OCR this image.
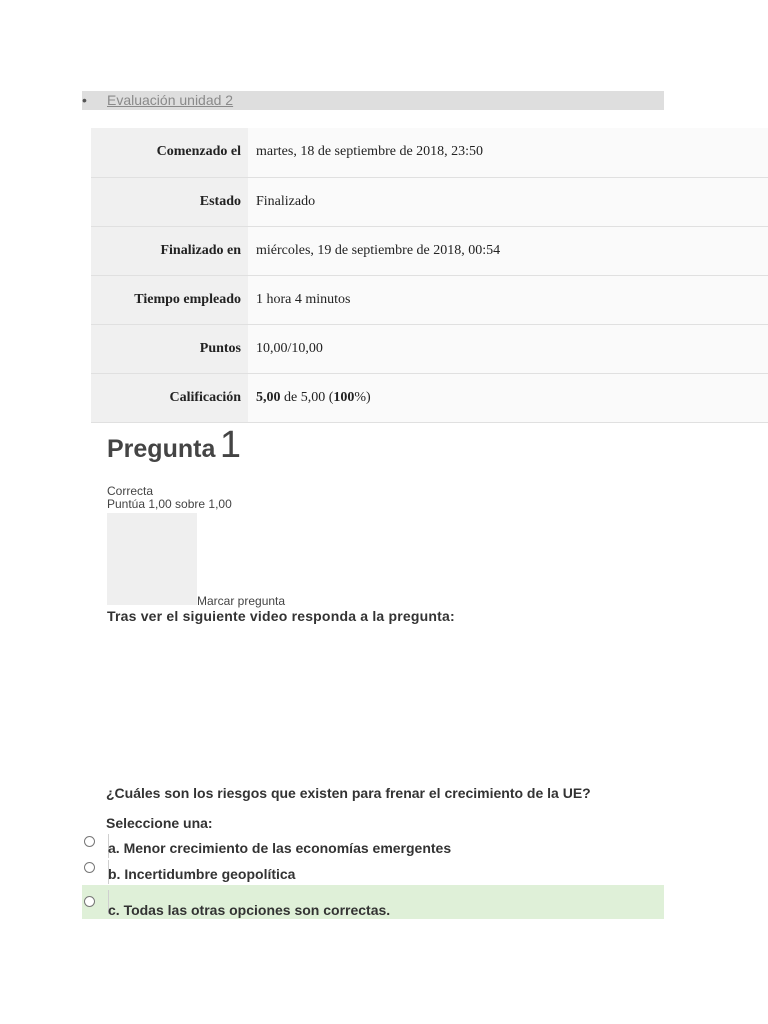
• Evaluación unidad 2
Comenzado el	martes, 18 de septiembre de 2018, 23:50
Estado	Finalizado
Finalizado en	miércoles, 19 de septiembre de 2018, 00:54
Tiempo empleado	1 hora 4 minutos
Puntos	10,00/10,00
Calificación	5,00 de 5,00 (100%)
Pregunta 1
Correcta
Puntúa 1,00 sobre 1,00
Marcar pregunta
Tras ver el siguiente video responda a la pregunta:
¿Cuáles son los riesgos que existen para frenar el crecimiento de la UE?
Seleccione una:
a. Menor crecimiento de las economías emergentes
b. Incertidumbre geopolítica
c. Todas las otras opciones son correctas.
